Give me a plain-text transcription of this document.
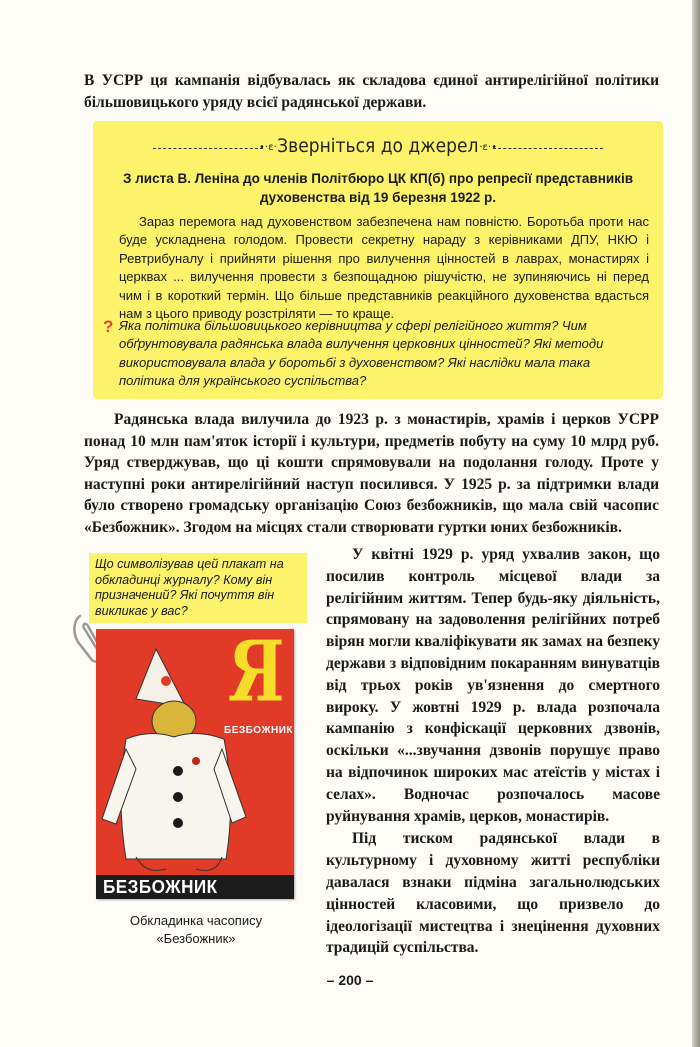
В УСРР ця кампанія відбувалась як складова єдиної антирелігійної політики більшовицького уряду всієї радянської держави.

•·ε· Зверніться до джерел ·ε·•
З листа В. Леніна до членів Політбюро ЦК КП(б) про репресії представників духовенства від 19 березня 1922 р.
Зараз перемога над духовенством забезпечена нам повністю. Боротьба проти нас буде ускладнена голодом. Провести секретну нараду з керівниками ДПУ, НКЮ і Ревтрибуналу і прийняти рішення про вилучення цінностей в лаврах, монастирях і церквах ... вилучення провести з безпощадною рішучістю, не зупиняючись ні перед чим і в короткий термін. Що більше представників реакційного духовенства вдасться нам з цього приводу розстріляти — то краще.
? Яка політика більшовицького керівництва у сфері релігійного життя? Чим обґрунтовувала радянська влада вилучення церковних цінностей? Які методи використовувала влада у боротьбі з духовенством? Які наслідки мала така політика для українського суспільства?

Радянська влада вилучила до 1923 р. з монастирів, храмів і церков УСРР понад 10 млн пам'яток історії і культури, предметів побуту на суму 10 млрд руб. Уряд стверджував, що ці кошти спрямовували на подолання голоду. Проте у наступні роки антирелігійний наступ посилився. У 1925 р. за підтримки влади було створено громадську організацію Союз безбожників, що мала свій часопис «Безбожник». Згодом на місцях стали створювати гуртки юних безбожників.

Що символізував цей плакат на обкладинці журналу? Кому він призначений? Які почуття він викликає у вас?
Я
БЕЗБОЖНИК
БЕЗБОЖНИК
Обкладинка часопису «Безбожник»

У квітні 1929 р. уряд ухвалив закон, що посилив контроль місцевої влади за релігійним життям. Тепер будь-яку діяльність, спрямовану на задоволення релігійних потреб вірян могли кваліфікувати як замах на безпеку держави з відповідним покаранням винуватців від трьох років ув'язнення до смертного вироку. У жовтні 1929 р. влада розпочала кампанію з конфіскації церковних дзвонів, оскільки «...звучання дзвонів порушує право на відпочинок широких мас атеїстів у містах і селах». Водночас розпочалось масове руйнування храмів, церков, монастирів.

Під тиском радянської влади в культурному і духовному житті республіки давалася взнаки підміна загальнолюдських цінностей класовими, що призвело до ідеологізації мистецтва і знецінення духовних традицій суспільства.

– 200 –
